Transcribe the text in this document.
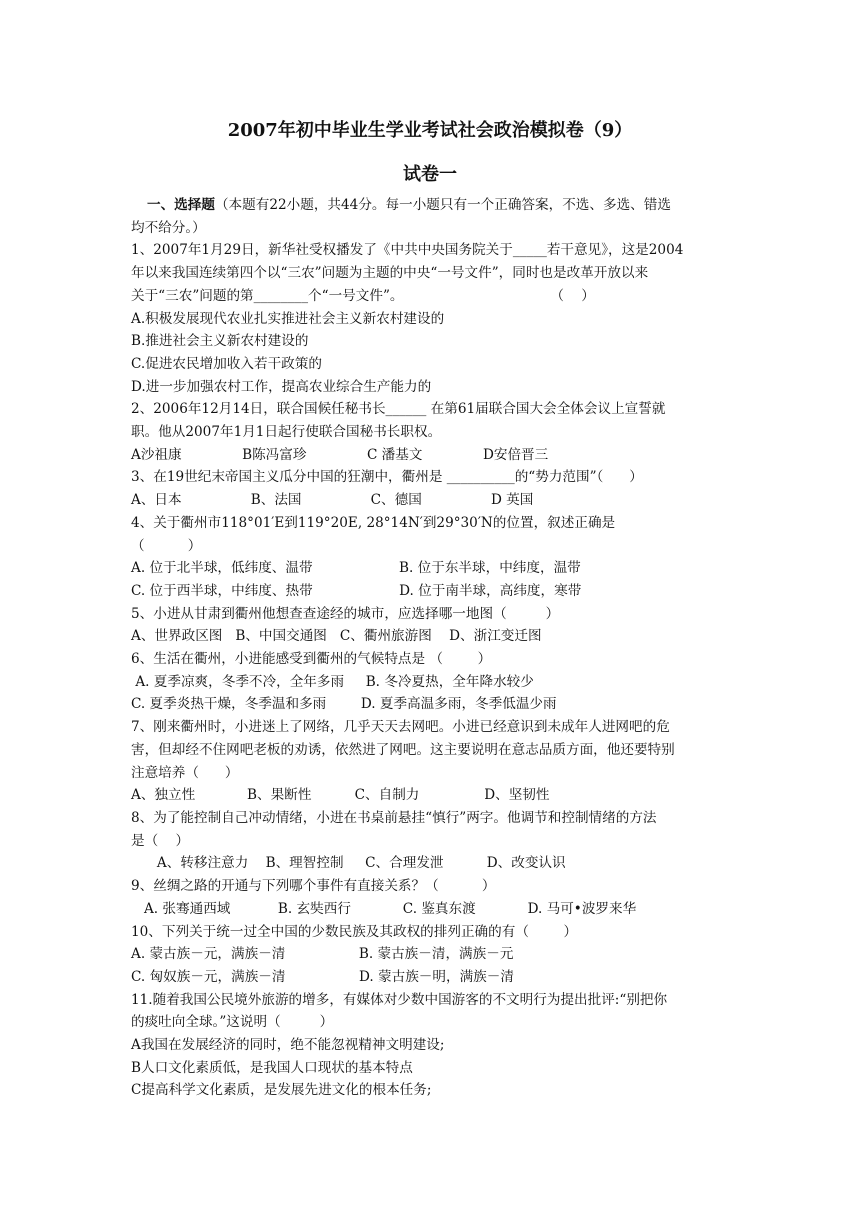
2007年初中毕业生学业考试社会政治模拟卷（9）
试卷一
一、选择题（本题有22小题，共44分。每一小题只有一个正确答案，不选、多选、错选
均不给分。）
1、2007年1月29日，新华社受权播发了《中共中央国务院关于_____若干意见》，这是2004
年以来我国连续第四个以“三农”问题为主题的中央“一号文件”，同时也是改革开放以来
关于“三农”问题的第________个“一号文件”。                                  （    ）
A.积极发展现代农业扎实推进社会主义新农村建设的
B.推进社会主义新农村建设的
C.促进农民增加收入若干政策的
D.进一步加强农村工作，提高农业综合生产能力的
2、2006年12月14日，联合国候任秘书长______ 在第61届联合国大会全体会议上宣誓就
职。他从2007年1月1日起行使联合国秘书长职权。
A沙祖康              B陈冯富珍              C 潘基文              D安倍晋三
3、在19世纪末帝国主义瓜分中国的狂潮中，衢州是 __________的“势力范围”（      ）
A、日本                B、法国                C、德国                D 英国
4、关于衢州市118°01′E到119°20E, 28°14N′到29°30′N的位置，叙述正确是
（          ）
A. 位于北半球，低纬度、温带                    B. 位于东半球，中纬度，温带
C. 位于西半球，中纬度、热带                    D. 位于南半球，高纬度，寒带
5、小进从甘肃到衢州他想查查途经的城市，应选择哪一地图（         ）
A、世界政区图   B、中国交通图   C、衢州旅游图    D、浙江变迁图
6、生活在衢州，小进能感受到衢州的气候特点是 （        ）
A. 夏季凉爽，冬季不冷，全年多雨     B. 冬冷夏热，全年降水较少
C. 夏季炎热干燥，冬季温和多雨        D. 夏季高温多雨，冬季低温少雨
7、刚来衢州时，小进迷上了网络，几乎天天去网吧。小进已经意识到未成年人进网吧的危
害，但却经不住网吧老板的劝诱，依然进了网吧。这主要说明在意志品质方面，他还要特别
注意培养（      ）
A、独立性            B、果断性          C、自制力               D、坚韧性
8、为了能控制自己冲动情绪，小进在书桌前悬挂“慎行”两字。他调节和控制情绪的方法
是（    ）
A、转移注意力    B、理智控制     C、合理发泄          D、改变认识
9、丝绸之路的开通与下列哪个事件有直接关系？（          ）
A. 张骞通西域           B. 玄奘西行            C. 鉴真东渡            D. 马可•波罗来华
10、下列关于统一过全中国的少数民族及其政权的排列正确的有（        ）
A. 蒙古族－元，满族－清                 B. 蒙古族－清，满族－元
C. 匈奴族－元，满族－清                 D. 蒙古族－明，满族－清
11.随着我国公民境外旅游的增多，有媒体对少数中国游客的不文明行为提出批评:“别把你
的痰吐向全球。”这说明（         ）
A我国在发展经济的同时，绝不能忽视精神文明建设;
B人口文化素质低，是我国人口现状的基本特点
C提高科学文化素质，是发展先进文化的根本任务;
